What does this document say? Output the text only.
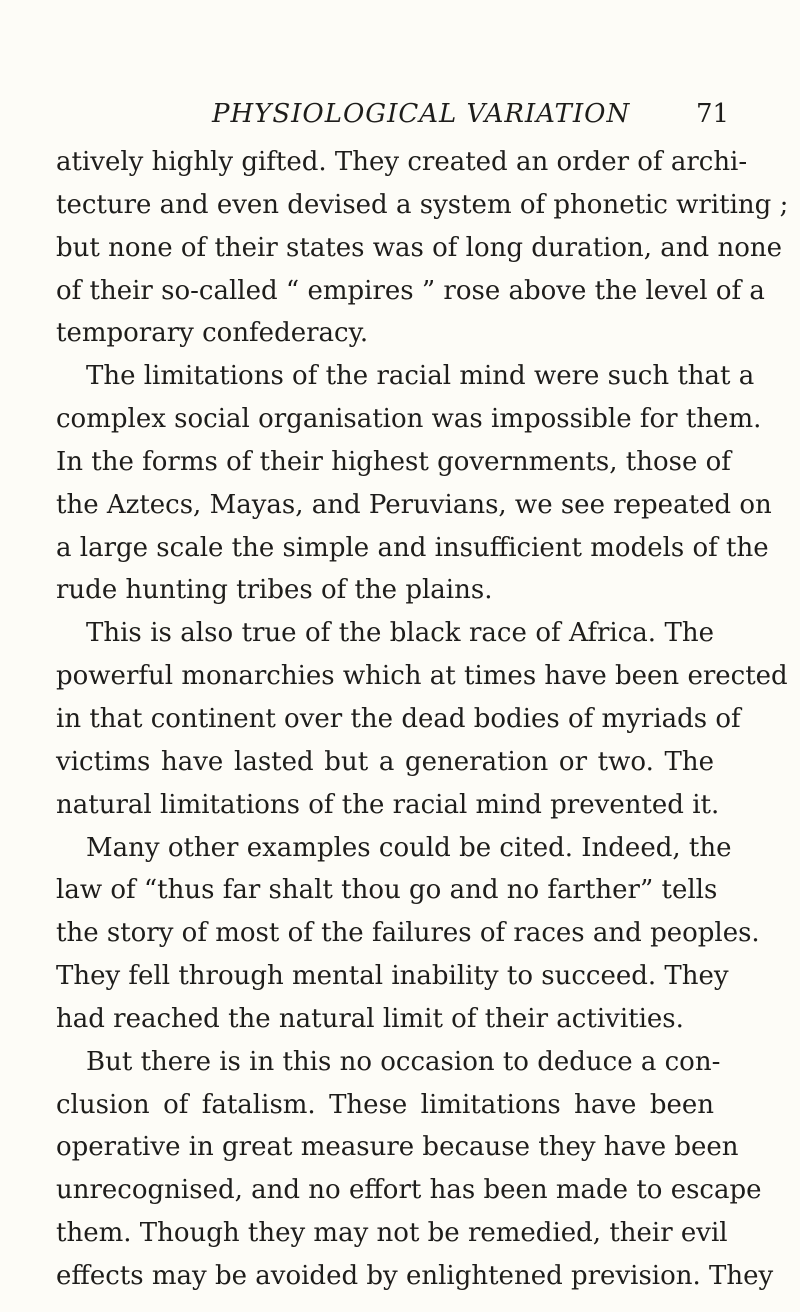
PHYSIOLOGICAL VARIATION	71
atively highly gifted. They created an order of archi-
tecture and even devised a system of phonetic writing ;
but none of their states was of long duration, and none
of their so-called “ empires ” rose above the level of a
temporary confederacy.
The limitations of the racial mind were such that a
complex social organisation was impossible for them.
In the forms of their highest governments, those of
the Aztecs, Mayas, and Peruvians, we see repeated on
a large scale the simple and insufficient models of the
rude hunting tribes of the plains.
This is also true of the black race of Africa. The
powerful monarchies which at times have been erected
in that continent over the dead bodies of myriads of
victims have lasted but a generation or two. The
natural limitations of the racial mind prevented it.
Many other examples could be cited. Indeed, the
law of “thus far shalt thou go and no farther” tells
the story of most of the failures of races and peoples.
They fell through mental inability to succeed. They
had reached the natural limit of their activities.
But there is in this no occasion to deduce a con-
clusion of fatalism. These limitations have been
operative in great measure because they have been
unrecognised, and no effort has been made to escape
them. Though they may not be remedied, their evil
effects may be avoided by enlightened prevision. They
